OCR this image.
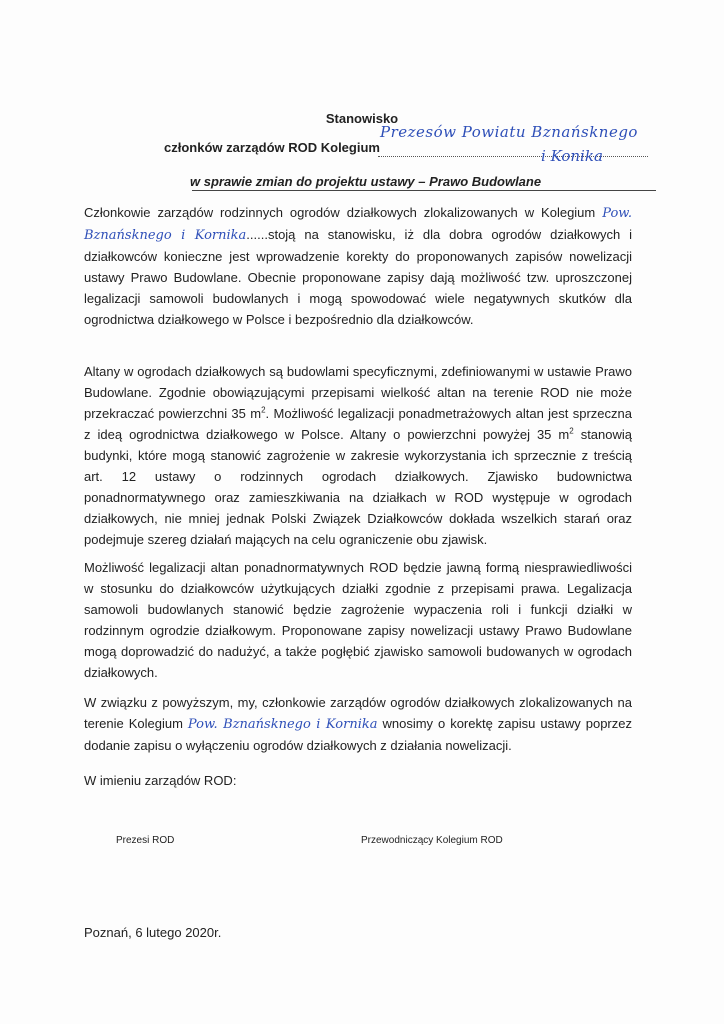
Stanowisko
członków zarządów ROD Kolegium
Prezesów Powiatu Bznańsknego
i Konika
w sprawie zmian do projektu ustawy – Prawo Budowlane
Członkowie zarządów rodzinnych ogrodów działkowych zlokalizowanych w Kolegium Pow. Bznańsknego i Kornika......stoją na stanowisku, iż dla dobra ogrodów działkowych i działkowców konieczne jest wprowadzenie korekty do proponowanych zapisów nowelizacji ustawy Prawo Budowlane. Obecnie proponowane zapisy dają możliwość tzw. uproszczonej legalizacji samowoli budowlanych i mogą spowodować wiele negatywnych skutków dla ogrodnictwa działkowego w Polsce i bezpośrednio dla działkowców.
Altany w ogrodach działkowych są budowlami specyficznymi, zdefiniowanymi w ustawie Prawo Budowlane. Zgodnie obowiązującymi przepisami wielkość altan na terenie ROD nie może przekraczać powierzchni 35 $m^2$. Możliwość legalizacji ponadmetrażowych altan jest sprzeczna z ideą ogrodnictwa działkowego w Polsce. Altany o powierzchni powyżej 35 $m^2$ stanowią budynki, które mogą stanowić zagrożenie w zakresie wykorzystania ich sprzecznie z treścią art. 12 ustawy o rodzinnych ogrodach działkowych. Zjawisko budownictwa ponadnormatywnego oraz zamieszkiwania na działkach w ROD występuje w ogrodach działkowych, nie mniej jednak Polski Związek Działkowców dokłada wszelkich starań oraz podejmuje szereg działań mających na celu ograniczenie obu zjawisk.
Możliwość legalizacji altan ponadnormatywnych ROD będzie jawną formą niesprawiedliwości w stosunku do działkowców użytkujących działki zgodnie z przepisami prawa. Legalizacja samowoli budowlanych stanowić będzie zagrożenie wypaczenia roli i funkcji działki w rodzinnym ogrodzie działkowym. Proponowane zapisy nowelizacji ustawy Prawo Budowlane mogą doprowadzić do nadużyć, a także pogłębić zjawisko samowoli budowanych w ogrodach działkowych.
W związku z powyższym, my, członkowie zarządów ogrodów działkowych zlokalizowanych na terenie Kolegium Pow. Bznańsknego i Kornika wnosimy o korektę zapisu ustawy poprzez dodanie zapisu o wyłączeniu ogrodów działkowych z działania nowelizacji.
W imieniu zarządów ROD:
Prezesi ROD	Przewodniczący Kolegium ROD
Poznań, 6 lutego 2020r.
